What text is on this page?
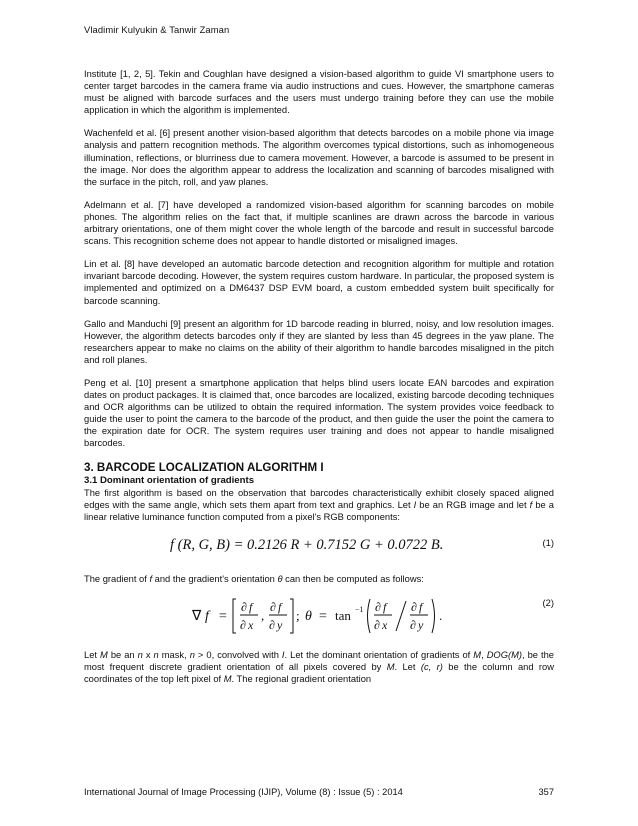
Vladimir Kulyukin & Tanwir Zaman

Institute [1, 2, 5]. Tekin and Coughlan have designed a vision-based algorithm to guide VI smartphone users to center target barcodes in the camera frame via audio instructions and cues. However, the smartphone cameras must be aligned with barcode surfaces and the users must undergo training before they can use the mobile application in which the algorithm is implemented.

Wachenfeld et al. [6] present another vision-based algorithm that detects barcodes on a mobile phone via image analysis and pattern recognition methods. The algorithm overcomes typical distortions, such as inhomogeneous illumination, reflections, or blurriness due to camera movement. However, a barcode is assumed to be present in the image. Nor does the algorithm appear to address the localization and scanning of barcodes misaligned with the surface in the pitch, roll, and yaw planes.

Adelmann et al. [7] have developed a randomized vision-based algorithm for scanning barcodes on mobile phones. The algorithm relies on the fact that, if multiple scanlines are drawn across the barcode in various arbitrary orientations, one of them might cover the whole length of the barcode and result in successful barcode scans. This recognition scheme does not appear to handle distorted or misaligned images.

Lin et al. [8] have developed an automatic barcode detection and recognition algorithm for multiple and rotation invariant barcode decoding. However, the system requires custom hardware. In particular, the proposed system is implemented and optimized on a DM6437 DSP EVM board, a custom embedded system built specifically for barcode scanning.

Gallo and Manduchi [9] present an algorithm for 1D barcode reading in blurred, noisy, and low resolution images. However, the algorithm detects barcodes only if they are slanted by less than 45 degrees in the yaw plane. The researchers appear to make no claims on the ability of their algorithm to handle barcodes misaligned in the pitch and roll planes.

Peng et al. [10] present a smartphone application that helps blind users locate EAN barcodes and expiration dates on product packages. It is claimed that, once barcodes are localized, existing barcode decoding techniques and OCR algorithms can be utilized to obtain the required information. The system provides voice feedback to guide the user to point the camera to the barcode of the product, and then guide the user the point the camera to the expiration date for OCR. The system requires user training and does not appear to handle misaligned barcodes.

3. BARCODE LOCALIZATION ALGORITHM I
3.1 Dominant orientation of gradients

The first algorithm is based on the observation that barcodes characteristically exhibit closely spaced aligned edges with the same angle, which sets them apart from text and graphics. Let I be an RGB image and let f be a linear relative luminance function computed from a pixel's RGB components:

f (R, G, B) = 0.2126 R + 0.7152 G + 0.0722 B.	(1)

The gradient of f and the gradient's orientation θ can then be computed as follows:

∇ f =
∂ f
∂ x
,
∂ f
∂ y
; θ = tan −1 ∂ f
∂ x
∂ f
∂ y
.
(2)

Let M be an n x n mask, n > 0, convolved with I. Let the dominant orientation of gradients of M, DOG(M), be the most frequent discrete gradient orientation of all pixels covered by M. Let (c, r) be the column and row coordinates of the top left pixel of M. The regional gradient orientation

International Journal of Image Processing (IJIP), Volume (8) : Issue (5) : 2014	357
